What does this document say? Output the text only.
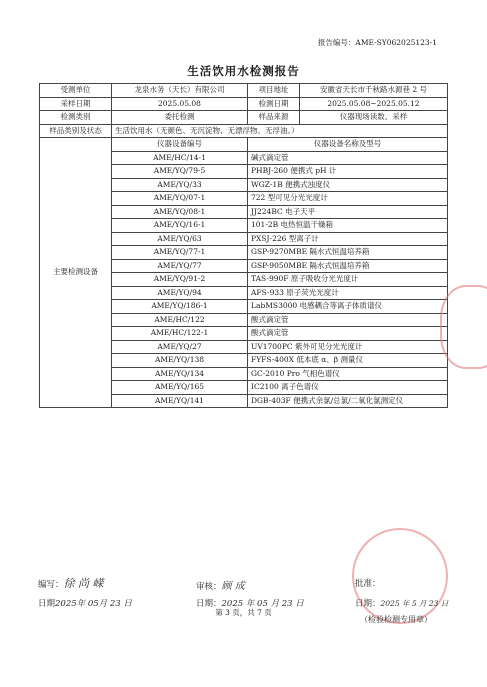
报告编号：AME-SY062025123-1
生活饮用水检测报告
受测单位	龙泉水务（天长）有限公司	项目地址	安徽省天长市千秋路水源巷 2 号
采样日期	2025.05.08	检测日期	2025.05.08~2025.05.12
检测类别	委托检测	样品来源	仪器现场读数、采样
样品类别及状态	生活饮用水（无颜色、无沉淀物、无漂浮物、无浮油。）		
主要检测设备	仪器设备编号	仪器设备名称及型号	
	AME/HC/14-1	碱式滴定管	
	AME/YQ/79-5	PHBJ-260 便携式 pH 计	
	AME/YQ/33	WGZ-1B 便携式浊度仪	
	AME/YQ/07-1	722 型可见分光光度计	
	AME/YQ/08-1	JJ224BC 电子天平	
	AME/YQ/16-1	101-2B 电热恒温干燥箱	
	AME/YQ/63	PXSJ-226 型离子计	
	AME/YQ/77-1	GSP-9270MBE 隔水式恒温培养箱	
	AME/YQ/77	GSP-9050MBE 隔水式恒温培养箱	
	AME/YQ/91-2	TAS-990F 原子吸收分光光度计	
	AME/YQ/94	AFS-933 原子荧光光度计	
	AME/YQ/186-1	LabMS3000 电感耦合等离子体质谱仪	
	AME/HC/122	酸式滴定管	
	AME/HC/122-1	酸式滴定管	
	AME/YQ/27	UV1700PC 紫外可见分光光度计	
	AME/YQ/138	FYFS-400X 低本底 α、β 测量仪	
	AME/YQ/134	GC-2010 Pro 气相色谱仪	
	AME/YQ/165	IC2100 离子色谱仪	
	AME/YQ/141	DGB-403F 便携式余氯/总氯/二氧化氯测定仪	
编写：徐 尚 嵘
日期2025年 05月 23 日
审核：顾 成
日期：2025 年 05 月 23 日
批准：
日期：2025 年 5 月 23 日
（检验检测专用章）
第 3 页，共 7 页
